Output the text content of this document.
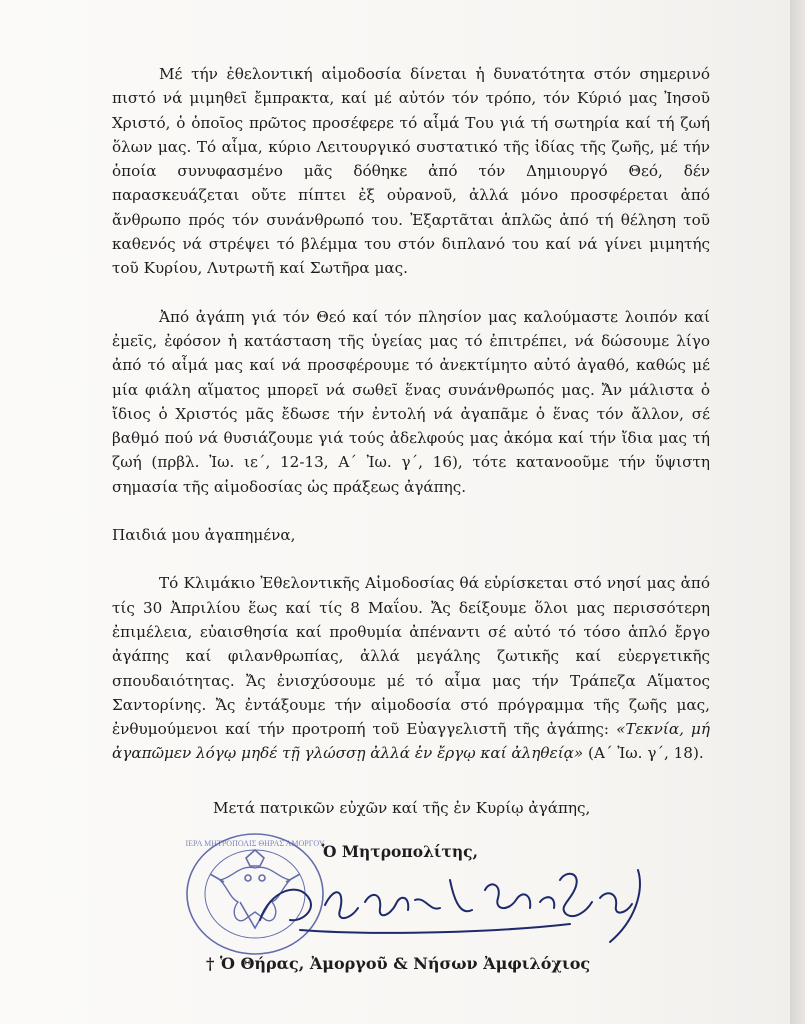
Μέ τήν ἐθελοντική αἱμοδοσία δίνεται ἡ δυνατότητα στόν σημερινό πιστό νά μιμηθεῖ ἔμπρακτα, καί μέ αὐτόν τόν τρόπο, τόν Κύριό μας Ἰησοῦ Χριστό, ὁ ὁποῖος πρῶτος προσέφερε τό αἷμά Του γιά τή σωτηρία καί τή ζωή ὅλων μας. Τό αἷμα, κύριο Λειτουργικό συστατικό τῆς ἰδίας τῆς ζωῆς, μέ τήν ὁποία συνυφασμένο μᾶς δόθηκε ἀπό τόν Δημιουργό Θεό, δέν παρασκευάζεται οὔτε πίπτει ἐξ οὐρανοῦ, ἀλλά μόνο προσφέρεται ἀπό ἄνθρωπο πρός τόν συνάνθρωπό του. Ἐξαρτᾶται ἁπλῶς ἀπό τή θέληση τοῦ καθενός νά στρέψει τό βλέμμα του στόν διπλανό του καί νά γίνει μιμητής τοῦ Κυρίου, Λυτρωτῆ καί Σωτῆρα μας.

Ἀπό ἀγάπη γιά τόν Θεό καί τόν πλησίον μας καλούμαστε λοιπόν καί ἐμεῖς, ἐφόσον ἡ κατάσταση τῆς ὑγείας μας τό ἐπιτρέπει, νά δώσουμε λίγο ἀπό τό αἷμά μας καί νά προσφέρουμε τό ἀνεκτίμητο αὐτό ἀγαθό, καθώς μέ μία φιάλη αἵματος μπορεῖ νά σωθεῖ ἕνας συνάνθρωπός μας. Ἄν μάλιστα ὁ ἴδιος ὁ Χριστός μᾶς ἔδωσε τήν ἐντολή νά ἀγαπᾶμε ὁ ἕνας τόν ἄλλον, σέ βαθμό πού νά θυσιάζουμε γιά τούς ἀδελφούς μας ἀκόμα καί τήν ἴδια μας τή ζωή (πρβλ. Ἰω. ιε΄, 12-13, Α΄ Ἰω. γ΄, 16), τότε κατανοοῦμε τήν ὕψιστη σημασία τῆς αἱμοδοσίας ὡς πράξεως ἀγάπης.

Παιδιά μου ἀγαπημένα,

Τό Κλιμάκιο Ἐθελοντικῆς Αἱμοδοσίας θά εὑρίσκεται στό νησί μας ἀπό τίς 30 Ἀπριλίου ἕως καί τίς 8 Μαΐου. Ἄς δείξουμε ὅλοι μας περισσότερη ἐπιμέλεια, εὐαισθησία καί προθυμία ἀπέναντι σέ αὐτό τό τόσο ἁπλό ἔργο ἀγάπης καί φιλανθρωπίας, ἀλλά μεγάλης ζωτικῆς καί εὐεργετικῆς σπουδαιότητας. Ἄς ἐνισχύσουμε μέ τό αἷμα μας τήν Τράπεζα Αἵματος Σαντορίνης. Ἄς ἐντάξουμε τήν αἱμοδοσία στό πρόγραμμα τῆς ζωῆς μας, ἐνθυμούμενοι καί τήν προτροπή τοῦ Εὐαγγελιστῆ τῆς ἀγάπης: «Τεκνία, μή ἀγαπῶμεν λόγῳ μηδέ τῇ γλώσσῃ ἀλλά ἐν ἔργῳ καί ἀληθείᾳ» (Α΄ Ἰω. γ΄, 18).

Μετά πατρικῶν εὐχῶν καί τῆς ἐν Κυρίῳ ἀγάπης,
ΙΕΡΑ ΜΗΤΡΟΠΟΛΙΣ ΘΗΡΑΣ ΑΜΟΡΓΟΥ
Ὁ Μητροπολίτης,
† Ὁ Θήρας, Ἀμοργοῦ & Νήσων Ἀμφιλόχιος
